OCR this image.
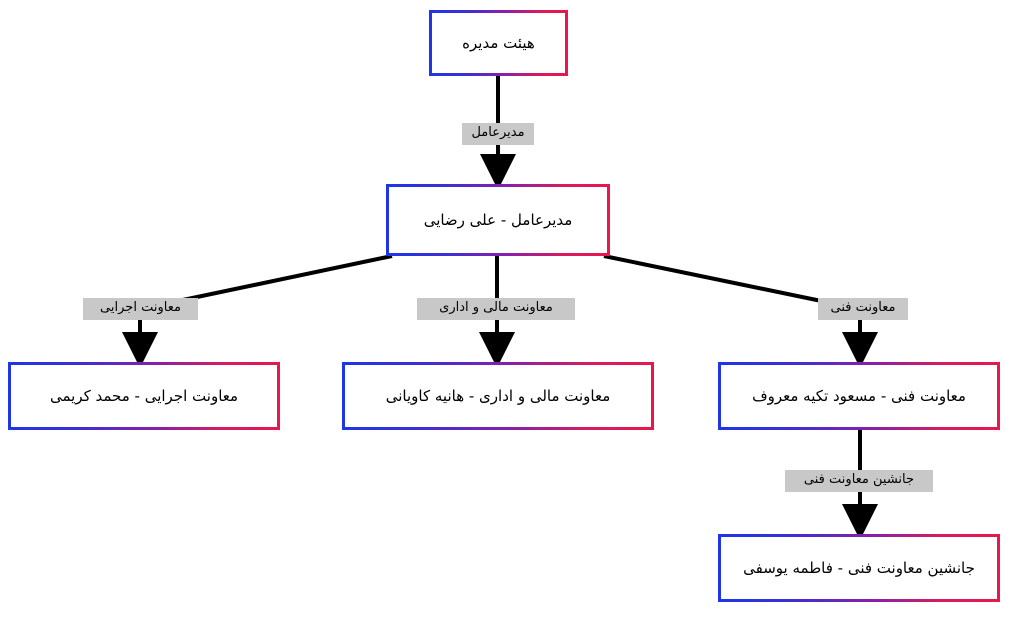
هیئت مدیره
مدیرعامل - علی رضایی
معاونت اجرایی - محمد کریمی	معاونت مالی و اداری - هانیه کاویانی	معاونت فنی - مسعود تکیه معروف
جانشین معاونت فنی - فاطمه یوسفی
مدیرعامل
معاونت اجرایی	معاونت مالی و اداری	معاونت فنی
جانشین معاونت فنی
